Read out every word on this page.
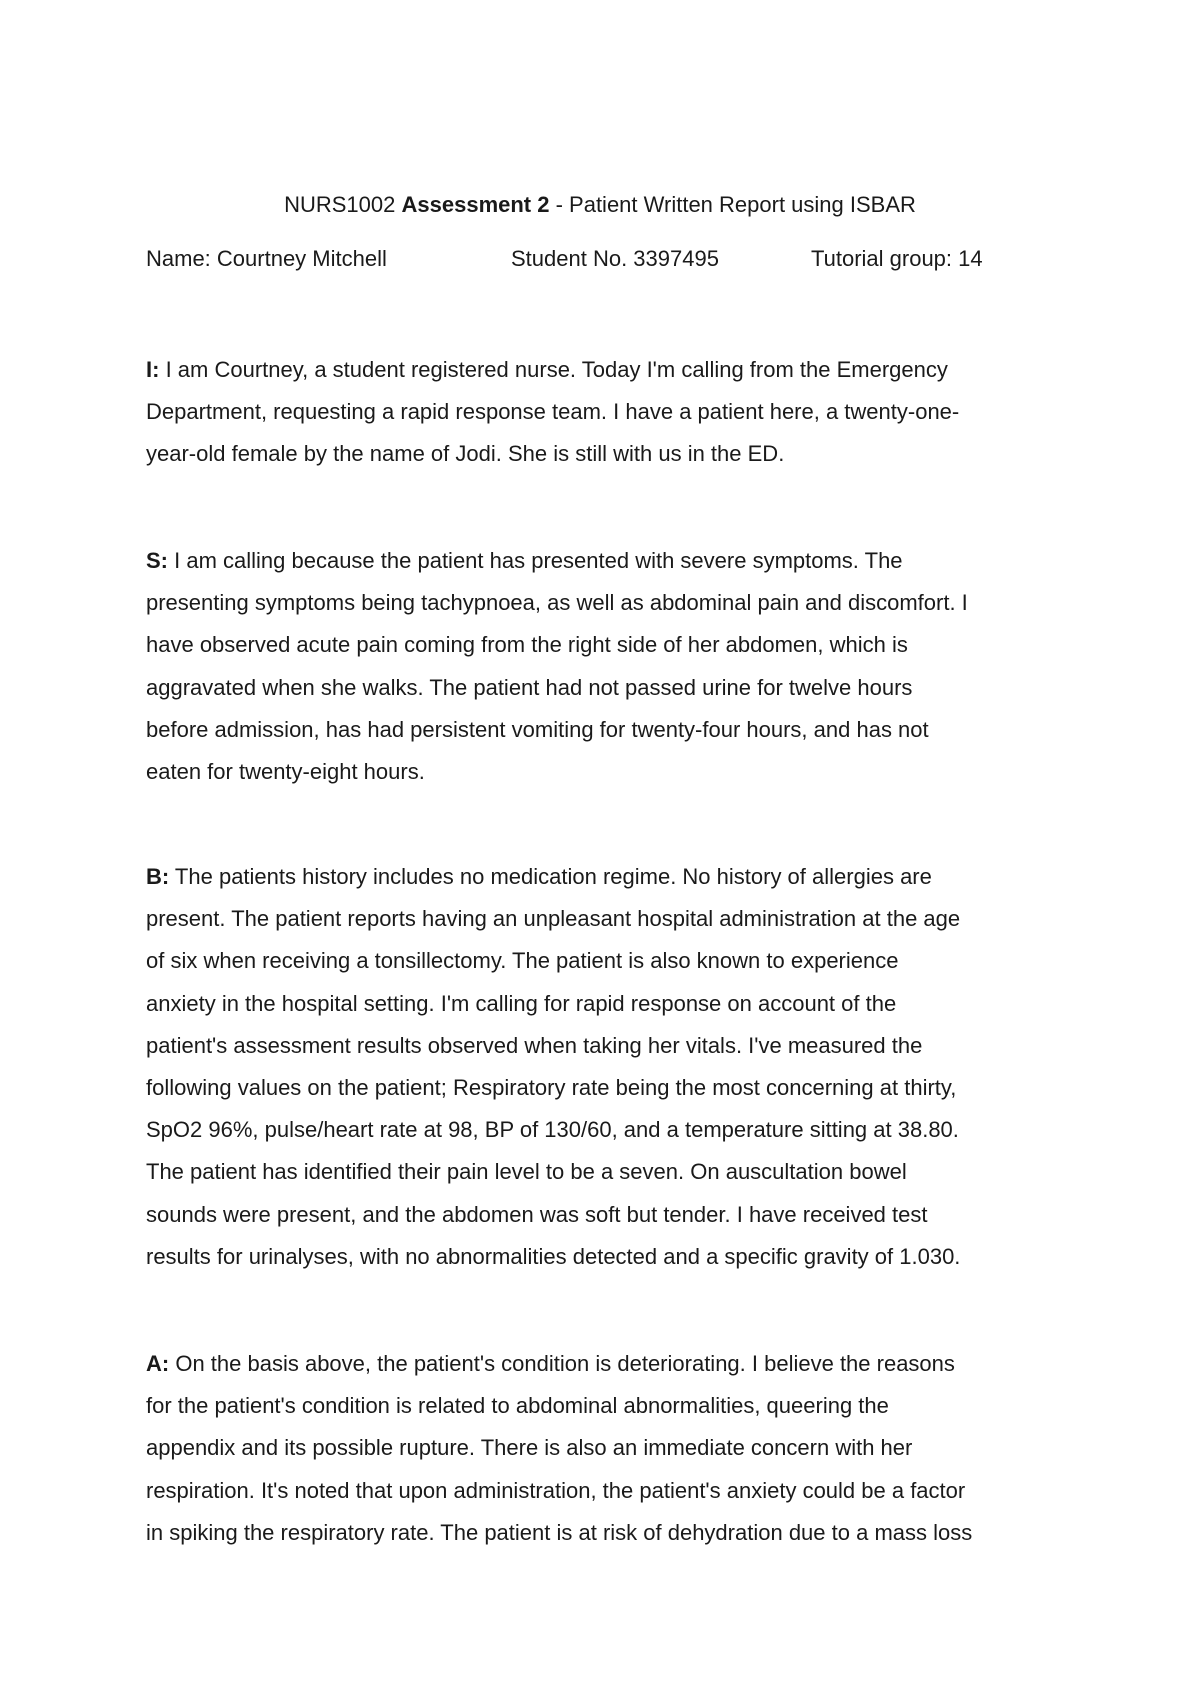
NURS1002 Assessment 2 - Patient Written Report using ISBAR
Name: Courtney Mitchell	Student No. 3397495	Tutorial group: 14
I: I am Courtney, a student registered nurse. Today I'm calling from the Emergency
Department, requesting a rapid response team. I have a patient here, a twenty-one-
year-old female by the name of Jodi. She is still with us in the ED.
S: I am calling because the patient has presented with severe symptoms. The
presenting symptoms being tachypnoea, as well as abdominal pain and discomfort. I
have observed acute pain coming from the right side of her abdomen, which is
aggravated when she walks. The patient had not passed urine for twelve hours
before admission, has had persistent vomiting for twenty-four hours, and has not
eaten for twenty-eight hours.
B: The patients history includes no medication regime. No history of allergies are
present. The patient reports having an unpleasant hospital administration at the age
of six when receiving a tonsillectomy. The patient is also known to experience
anxiety in the hospital setting. I'm calling for rapid response on account of the
patient's assessment results observed when taking her vitals. I've measured the
following values on the patient; Respiratory rate being the most concerning at thirty,
SpO2 96%, pulse/heart rate at 98, BP of 130/60, and a temperature sitting at 38.80.
The patient has identified their pain level to be a seven. On auscultation bowel
sounds were present, and the abdomen was soft but tender. I have received test
results for urinalyses, with no abnormalities detected and a specific gravity of 1.030.
A: On the basis above, the patient's condition is deteriorating. I believe the reasons
for the patient's condition is related to abdominal abnormalities, queering the
appendix and its possible rupture. There is also an immediate concern with her
respiration. It's noted that upon administration, the patient's anxiety could be a factor
in spiking the respiratory rate. The patient is at risk of dehydration due to a mass loss
